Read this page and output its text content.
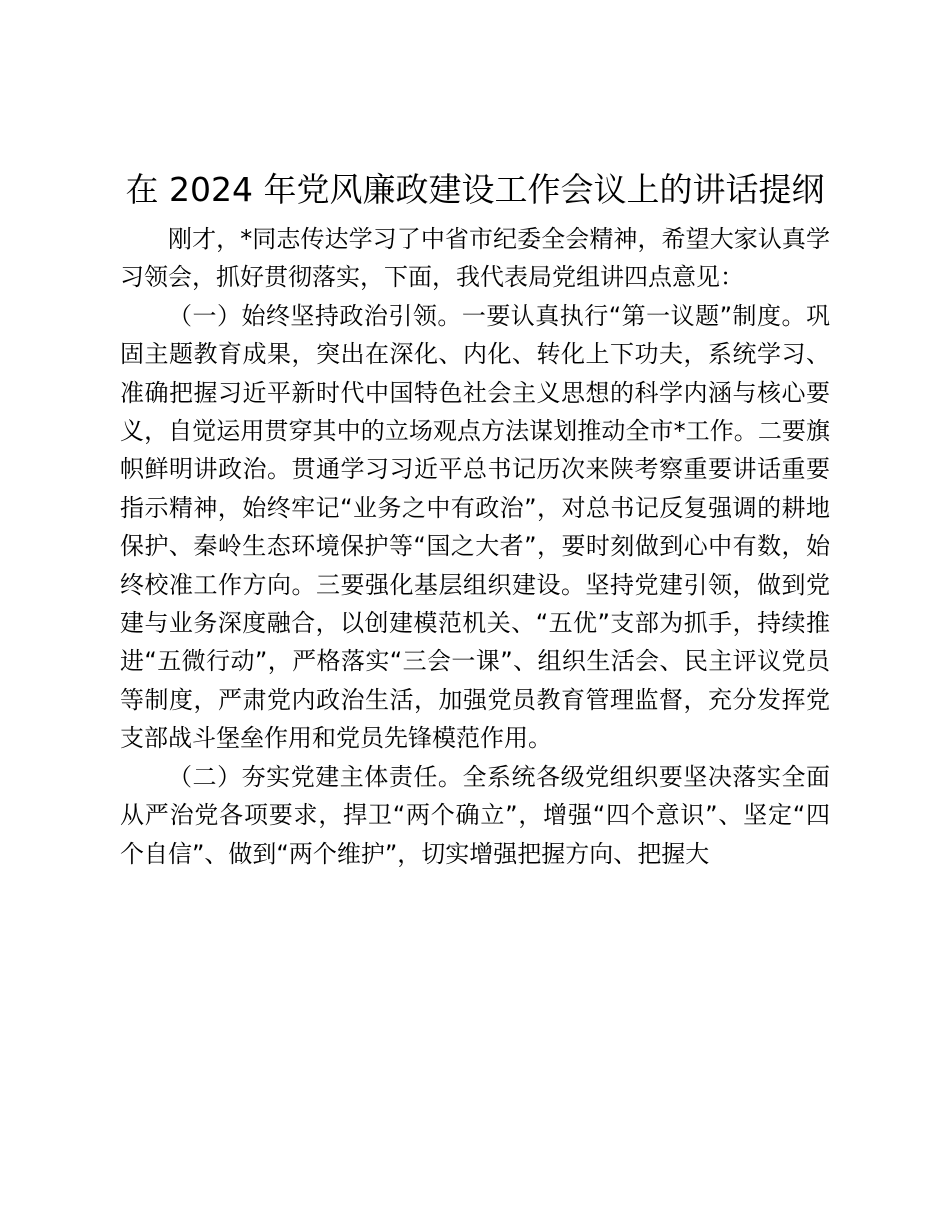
在 2024 年党风廉政建设工作会议上的讲话提纲

刚才，*同志传达学习了中省市纪委全会精神，希望大家认真学习领会，抓好贯彻落实，下面，我代表局党组讲四点意见：

（一）始终坚持政治引领。一要认真执行“第一议题”制度。巩固主题教育成果，突出在深化、内化、转化上下功夫，系统学习、准确把握习近平新时代中国特色社会主义思想的科学内涵与核心要义，自觉运用贯穿其中的立场观点方法谋划推动全市*工作。二要旗帜鲜明讲政治。贯通学习习近平总书记历次来陕考察重要讲话重要指示精神，始终牢记“业务之中有政治”，对总书记反复强调的耕地保护、秦岭生态环境保护等“国之大者”，要时刻做到心中有数，始终校准工作方向。三要强化基层组织建设。坚持党建引领，做到党建与业务深度融合，以创建模范机关、“五优”支部为抓手，持续推进“五微行动”，严格落实“三会一课”、组织生活会、民主评议党员等制度，严肃党内政治生活，加强党员教育管理监督，充分发挥党支部战斗堡垒作用和党员先锋模范作用。

（二）夯实党建主体责任。全系统各级党组织要坚决落实全面从严治党各项要求，捍卫“两个确立”，增强“四个意识”、坚定“四个自信”、做到“两个维护”，切实增强把握方向、把握大
